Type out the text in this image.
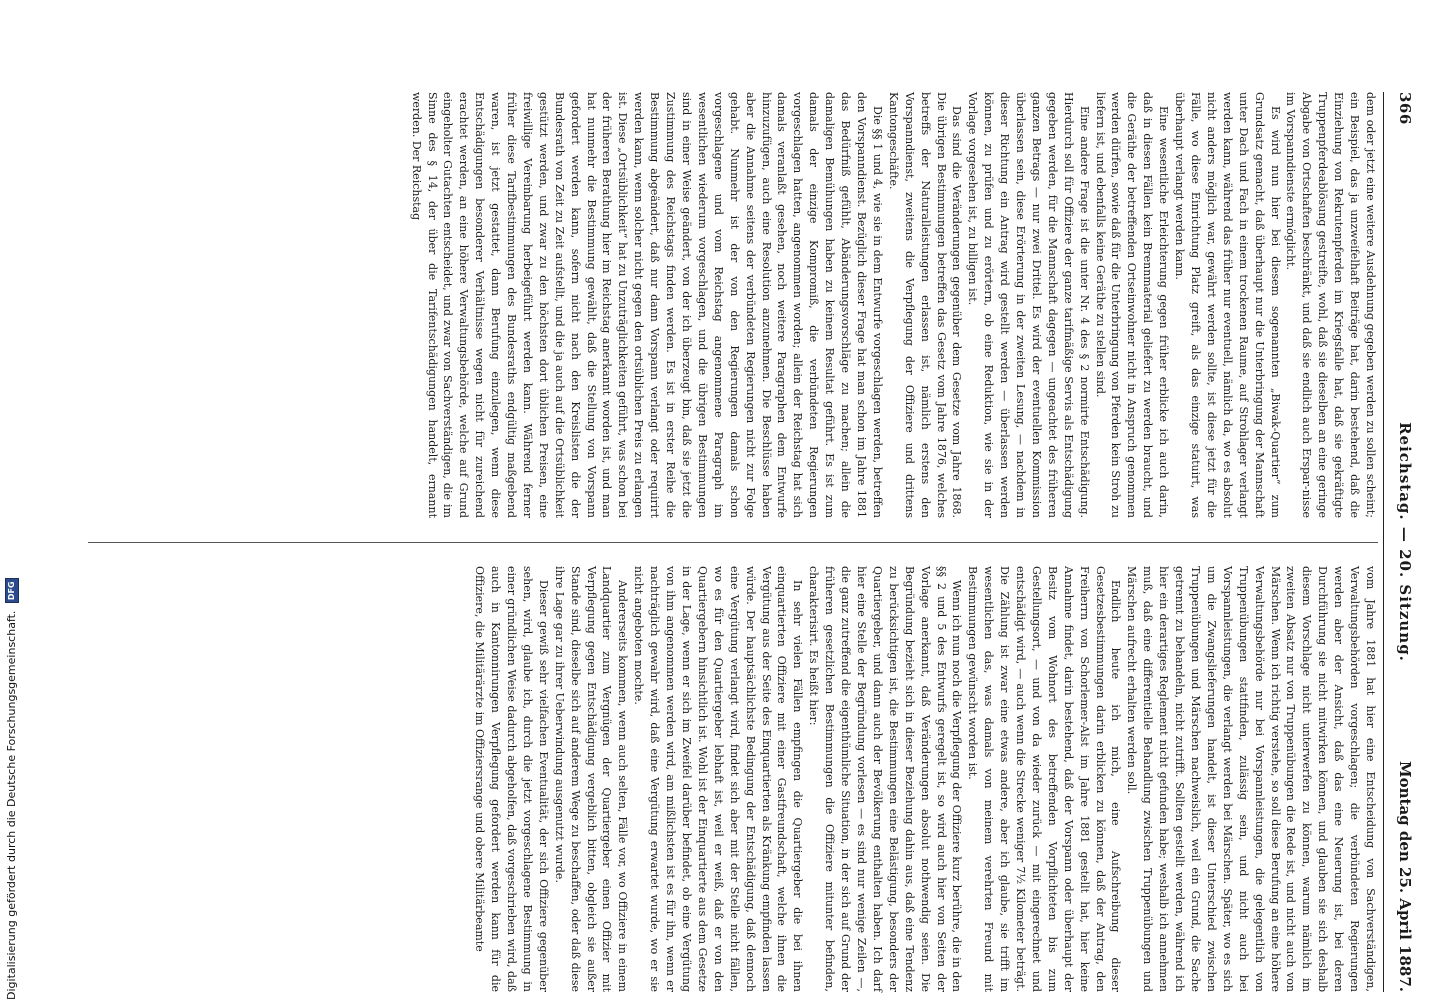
366
Reichstag. — 20. Sitzung.
Montag den 25. April 1887.

dem oder jetzt eine weitere Ausdehnung gegeben werden zu sollen scheint; ein Beispiel, das ja unzweifelhaft Beiträge hat, darin bestehend, daß die Einziehung von Rekrutenpferden im Kriegsfalle hat, daß sie gekräftigte Truppenpferdeablösung gestreifte, wohl, daß sie dieselben an eine geringe Abgabe von Ortschaften beschränkt, und daß sie endlich auch Erspar-nisse im Vorspanndienste ermöglicht.

Es wird nun hier bei diesem sogenannten „Biwak-Quartier“ zum Grundsatz gemacht, daß überhaupt nur die Unterbringung der Mannschaft unter Dach und Fach in einem trockenen Raume, auf Strohlager verlangt werden kann, während das früher nur eventuell, nämlich da, wo es absolut nicht anders möglich war, gewährt werden sollte, ist diese jetzt für die Fälle, wo diese Einrichtung Platz greift, als das einzige statuirt, was überhaupt verlangt werden kann.

Eine wesentliche Erleichterung gegen früher erblicke ich auch darin, daß in diesen Fällen kein Brennmaterial geliefert zu werden braucht, und die Geräthe der betreffenden Ortseinwohner nicht in Anspruch genommen werden dürfen, sowie daß für die Unterbringung von Pferden kein Stroh zu liefern ist, und ebenfalls keine Geräthe zu stellen sind.

Eine andere Frage ist die unter Nr. 4 des § 2 normirte Entschädigung. Hierdurch soll für Offiziere der ganze tarifmäßige Servis als Entschädigung gegeben werden, für die Mannschaft dagegen — ungeachtet des früheren ganzen Betrags — nur zwei Drittel. Es wird der eventuellen Kommission überlassen sein, diese Erörterung in der zweiten Lesung, — nachdem in dieser Richtung ein Antrag wird gestellt werden — überlassen werden können, zu prüfen und zu erörtern, ob eine Reduktion, wie sie in der Vorlage vorgesehen ist, zu billigen ist.

Das sind die Veränderungen gegenüber dem Gesetze vom Jahre 1868. Die übrigen Bestimmungen betreffen das Gesetz vom Jahre 1876, welches betreffs der Naturalleistungen erlassen ist, nämlich erstens den Vorspanndienst, zweitens die Verpflegung der Offiziere und drittens Kantongeschäfte.

Die §§ 1 und 4, wie sie in dem Entwurfe vorgeschlagen werden, betreffen den Vorspanndienst. Bezüglich dieser Frage hat man schon im Jahre 1881 das Bedürfniß gefühlt, Abänderungsvorschläge zu machen; allein die damaligen Bemühungen haben zu keinem Resultat geführt. Es ist zum damals der einzige Kompromiß, die verbündeten Regierungen vorgeschlagen hatten, angenommen worden; allein der Reichstag hat sich damals veranlaßt gesehen, noch weitere Paragraphen dem Entwurfe hinzuzufügen, auch eine Resolution anzunehmen. Die Beschlüsse haben aber die Annahme seitens der verbündeten Regierungen nicht zur Folge gehabt. Nunmehr ist der von den Regierungen damals schon vorgeschlagene und vom Reichstag angenommene Paragraph im wesentlichen wiederum vorgeschlagen, und die übrigen Bestimmungen sind in einer Weise geändert, von der ich überzeugt bin, daß sie jetzt die Zustimmung des Reichstags finden werden. Es ist in erster Reihe die Bestimmung abgeändert, daß nur dann Vorspann verlangt oder requirirt werden kann, wenn solcher nicht gegen den ortsüblichen Preis zu erlangen ist. Diese „Ortsüblichkeit“ hat zu Unzuträglichkeiten geführt, was schon bei der früheren Berathung hier im Reichstag anerkannt worden ist, und man hat nunmehr die Bestimmung gewählt, daß die Stellung von Vorspann gefordert werden kann, sofern nicht nach den Kreislisten die der Bundesrath von Zeit zu Zeit aufstellt, und die ja auch auf die Ortsüblichkeit gestützt werden, und zwar zu den höchsten dort üblichen Preisen, eine freiwillige Vereinbarung herbeigeführt werden kann. Während ferner früher diese Tarifbestimmungen des Bundesraths endgültig maßgebend waren, ist jetzt gestattet, dann Berufung einzulegen, wenn diese Entschädigungen besonderer Verhältnisse wegen nicht für zureichend erachtet werden, an eine höhere Verwaltungsbehörde, welche auf Grund eingeholter Gutachten entscheidet, und zwar von Sachverständigen, die im Sinne des § 14, der über die Tarifentschädigungen handelt, ernannt werden. Der Reichstag

vom Jahre 1881 hat hier eine Entscheidung von Sachverständigen, Verwaltungsbehörden vorgeschlagen; die verbündeten Regierungen werden aber der Ansicht, daß das eine Neuerung ist, bei deren Durchführung sie nicht mitwirken können, und glauben sie sich deshalb diesem Vorschlage nicht unterwerfen zu können, warum nämlich im zweiten Absatz nur von Truppenübungen die Rede ist, und nicht auch von Märschen. Wenn ich richtig verstehe, so soll diese Berufung an eine höhere Verwaltungsbehörde nur bei Vorspannleistungen, die gelegentlich von Truppenübungen stattfinden, zulässig sein, und nicht auch bei Vorspannleistungen, die verlangt werden bei Märschen. Später, wo es sich um die Zwangslieferungen handelt, ist dieser Unterschied zwischen Truppenübungen und Märschen nachweislich, weil ein Grund, die Sache getrennt zu behandeln, nicht zutrifft. Sollten gestellt werden, während ich hier ein derartiges Reglement nicht gefunden habe; weshalb ich annehmen muß, daß eine differentielle Behandlung zwischen Truppenübungen und Märschen aufrecht erhalten werden soll.

Endlich heute ich mich, eine Aufschreibung dieser Gesetzesbestimmungen darin erblicken zu können, daß der Antrag, den Freiherrn von Schorlemer-Alst im Jahre 1881 gestellt hat, hier keine Annahme findet, darin bestehend, daß der Vorspann oder überhaupt der Besitz vom Wohnort des betreffenden Vorpflichteten bis zum Gestellungsort, — und von da wieder zurück — mit eingerechnet und entschädigt wird, — auch wenn die Strecke weniger 7½ Kilometer beträgt. Die Zählung ist zwar eine etwas andere, aber ich glaube, sie trifft im wesentlichen das, was damals von meinem verehrten Freund mit Bestimmungen gewünscht worden ist.

Wenn ich nun noch die Verpflegung der Offiziere kurz berühre, die in den §§ 2 und 5 des Entwurfs geregelt ist, so wird auch hier von Seiten der Vorlage anerkannt, daß Veränderungen absolut nothwendig seien. Die Begründung bezieht sich in dieser Beziehung dahin aus, daß eine Tendenz zu berücksichtigen ist, die Bestimmungen eine Belästigung, besonders der Quartiergeber, und dann auch der Bevölkerung enthalten haben. Ich darf hier eine Stelle der Begründung vorlesen — es sind nur wenige Zeilen —, die ganz zutreffend die eigenthümliche Situation, in der sich auf Grund der früheren gesetzlichen Bestimmungen die Offiziere mitunter befinden, charakterisirt. Es heißt hier:

In sehr vielen Fällen empfingen die Quartiergeber die bei ihnen einquartierten Offiziere mit einer Gastfreundschaft, welche ihnen die Vergütung aus der Seite des Einquartierten als Kränkung empfinden lassen würde. Der hauptsächlichste Bedingung der Entschädigung, daß dennoch eine Vergütung verlangt wird, findet sich aber mit der Stelle nicht fällen, wo es für den Quartiergeber lebhaft ist, weil er weiß, daß er von den Quartiergebern hinsichtlich ist. Wohl ist der Einquartierte aus dem Gesetze in der Lage, wenn er sich im Zweifel darüber befindet, ob eine Vergütung von ihm angenommen werden wird, am mißlichsten ist es für ihn, wenn er nachträglich gewahr wird, daß eine Vergütung erwartet wurde, wo er sie nicht angeboten mochte.

Andererseits kommen, wenn auch selten, Fälle vor, wo Offiziere in einem Landquartier zum Vergnügen der Quartiergeber einen Offizier mit Verpflegung gegen Entschädigung vergeblich bitten, obgleich sie außer Stande sind, dieselbe sich auf anderem Wege zu beschaffen, oder daß diese ihre Lage gar zu ihrer Ueberwindung ausgenutzt wurde.

Dieser gewiß sehr vielfachen Eventualität, der sich Offiziere gegenüber sehen, wird, glaube ich, durch die jetzt vorgeschlagene Bestimmung in einer gründlichen Weise dadurch abgeholfen, daß vorgeschrieben wird, daß auch in Kantonnirungen Verpflegung gefordert werden kann für die Offiziere, die Militärärzte im Offiziersrange und obere Militärbeamte

Digitalisierung gefördert durch die Deutsche Forschungsgemeinschaft. DFG
